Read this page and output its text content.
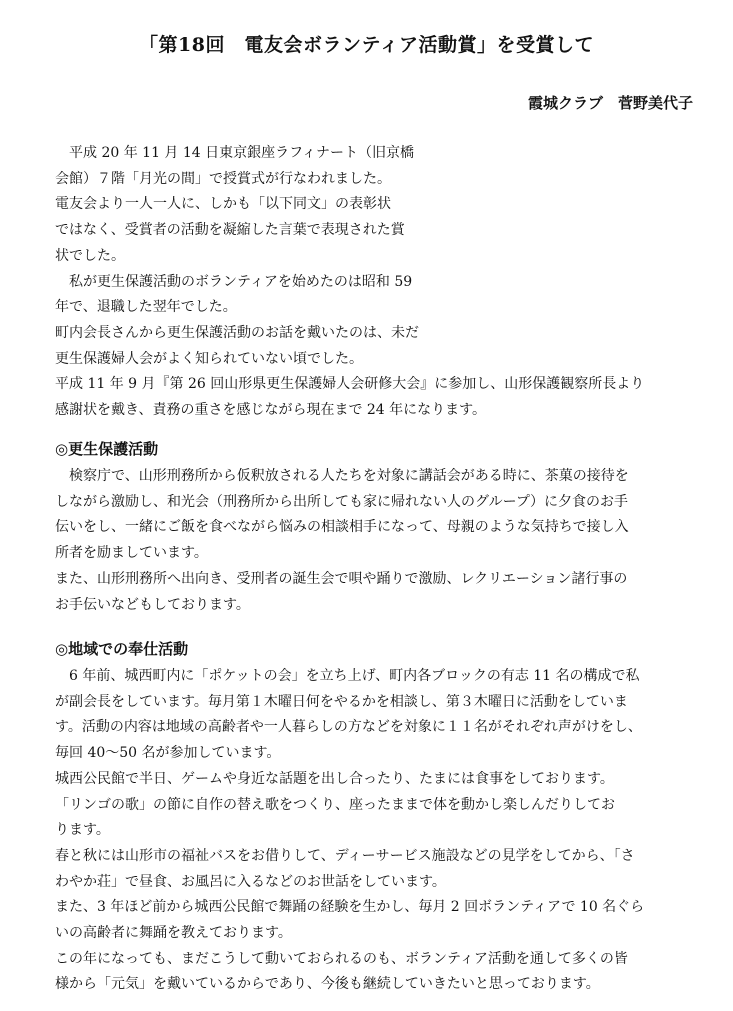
「第18回　電友会ボランティア活動賞」を受賞して

霞城クラブ　菅野美代子

　平成 20 年 11 月 14 日東京銀座ラフィナート（旧京橋

会館）７階「月光の間」で授賞式が行なわれました。

電友会より一人一人に、しかも「以下同文」の表彰状

ではなく、受賞者の活動を凝縮した言葉で表現された賞

状でした。

　私が更生保護活動のボランティアを始めたのは昭和 59

年で、退職した翌年でした。

町内会長さんから更生保護活動のお話を戴いたのは、未だ

更生保護婦人会がよく知られていない頃でした。

平成 11 年 9 月『第 26 回山形県更生保護婦人会研修大会』に参加し、山形保護観察所長より

感謝状を戴き、責務の重さを感じながら現在まで 24 年になります。

◎更生保護活動

　検察庁で、山形刑務所から仮釈放される人たちを対象に講話会がある時に、茶菓の接待を

しながら激励し、和光会（刑務所から出所しても家に帰れない人のグループ）に夕食のお手

伝いをし、一緒にご飯を食べながら悩みの相談相手になって、母親のような気持ちで接し入

所者を励ましています。

また、山形刑務所へ出向き、受刑者の誕生会で唄や踊りで激励、レクリエーション諸行事の

お手伝いなどもしております。

◎地域での奉仕活動

　6 年前、城西町内に「ポケットの会」を立ち上げ、町内各ブロックの有志 11 名の構成で私

が副会長をしています。毎月第１木曜日何をやるかを相談し、第３木曜日に活動をしていま

す。活動の内容は地域の高齢者や一人暮らしの方などを対象に１１名がそれぞれ声がけをし、

毎回 40～50 名が参加しています。

城西公民館で半日、ゲームや身近な話題を出し合ったり、たまには食事をしております。

「リンゴの歌」の節に自作の替え歌をつくり、座ったままで体を動かし楽しんだりしてお

ります。

春と秋には山形市の福祉バスをお借りして、ディーサービス施設などの見学をしてから、「さ

わやか荘」で昼食、お風呂に入るなどのお世話をしています。

また、3 年ほど前から城西公民館で舞踊の経験を生かし、毎月 2 回ボランティアで 10 名ぐら

いの高齢者に舞踊を教えております。

この年になっても、まだこうして動いておられるのも、ボランティア活動を通して多くの皆

様から「元気」を戴いているからであり、今後も継続していきたいと思っております。
